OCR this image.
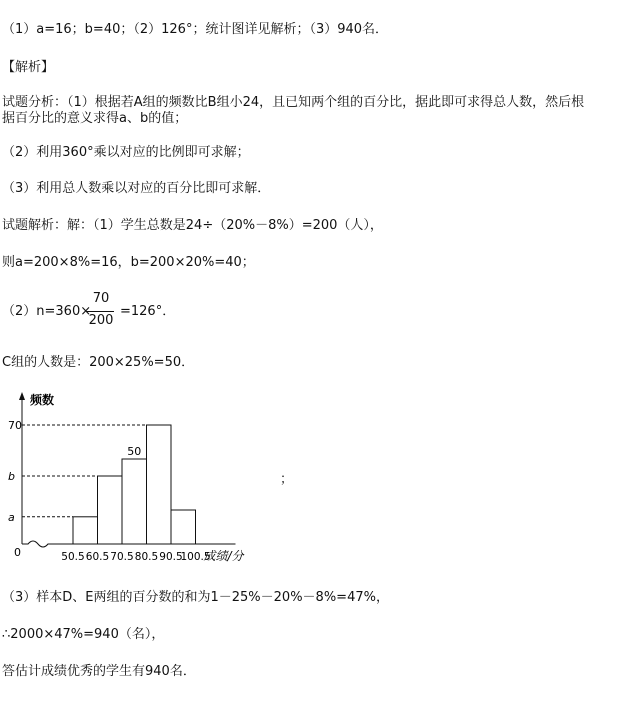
（1）a=16；b=40；（2）126°；统计图详见解析；（3）940名．
【解析】
试题分析：（1）根据若A组的频数比B组小24，且已知两个组的百分比，据此即可求得总人数，然后根
据百分比的意义求得a、b的值；
（2）利用360°乘以对应的比例即可求解；
（3）利用总人数乘以对应的百分比即可求解．
试题解析：解：（1）学生总数是24÷（20%－8%）=200（人），
则a=200×8%=16，b=200×20%=40；
（2）n=360×
70
200
=126°．
C组的人数是：200×25%=50．
频数
成绩/分
0
50
a
b
70
50.5 60.5 70.5 80.5 90.5
100.5
；
（3）样本D、E两组的百分数的和为1－25%－20%－8%=47%，
∴2000×47%=940（名），
答估计成绩优秀的学生有940名．
